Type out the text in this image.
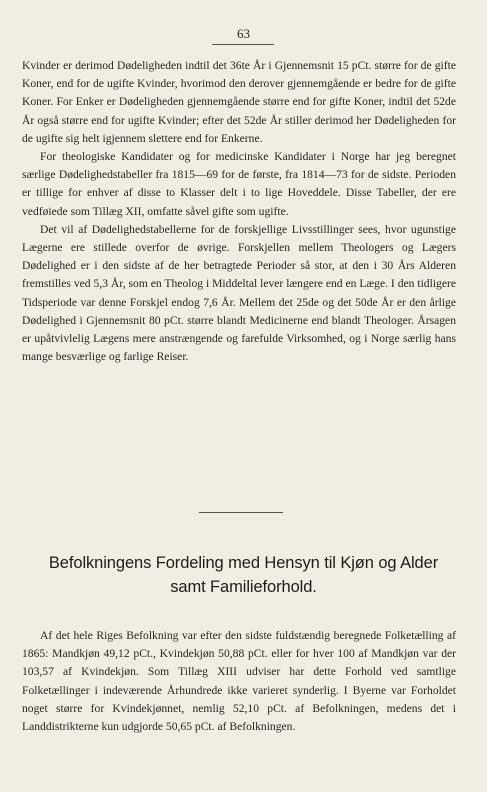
63

Kvinder er derimod Dødeligheden indtil det 36te År i Gjennemsnit 15 pCt. større for de gifte Koner, end for de ugifte Kvinder, hvorimod den derover gjennemgående er bedre for de gifte Koner. For Enker er Dødeligheden gjennemgående større end for gifte Koner, indtil det 52de År også større end for ugifte Kvinder; efter det 52de År stiller derimod her Dødeligheden for de ugifte sig helt igjennem slettere end for Enkerne.

For theologiske Kandidater og for medicinske Kandidater i Norge har jeg beregnet særlige Dødelighedstabeller fra 1815—69 for de første, fra 1814—73 for de sidste. Perioden er tillige for enhver af disse to Klasser delt i to lige Hoveddele. Disse Tabeller, der ere vedføiede som Tillæg XII, omfatte såvel gifte som ugifte.

Det vil af Dødelighedstabellerne for de forskjellige Livsstillinger sees, hvor ugunstige Lægerne ere stillede overfor de øvrige. Forskjellen mellem Theologers og Lægers Dødelighed er i den sidste af de her betragtede Perioder så stor, at den i 30 Års Alderen fremstilles ved 5,3 År, som en Theolog i Middeltal lever længere end en Læge. I den tidligere Tidsperiode var denne Forskjel endog 7,6 År. Mellem det 25de og det 50de År er den årlige Dødelighed i Gjennemsnit 80 pCt. større blandt Medicinerne end blandt Theologer. Årsagen er upåtvivlelig Lægens mere anstrængende og farefulde Virksomhed, og i Norge særlig hans mange besværlige og farlige Reiser.

Befolkningens Fordeling med Hensyn til Kjøn og Alder
samt Familieforhold.

Af det hele Riges Befolkning var efter den sidste fuldstændig beregnede Folketælling af 1865: Mandkjøn 49,12 pCt., Kvindekjøn 50,88 pCt. eller for hver 100 af Mandkjøn var der 103,57 af Kvindekjøn. Som Tillæg XIII udviser har dette Forhold ved samtlige Folketællinger i indeværende Århundrede ikke varieret synderlig. I Byerne var Forholdet noget større for Kvindekjønnet, nemlig 52,10 pCt. af Befolkningen, medens det i Landdistrikterne kun udgjorde 50,65 pCt. af Befolkningen.
